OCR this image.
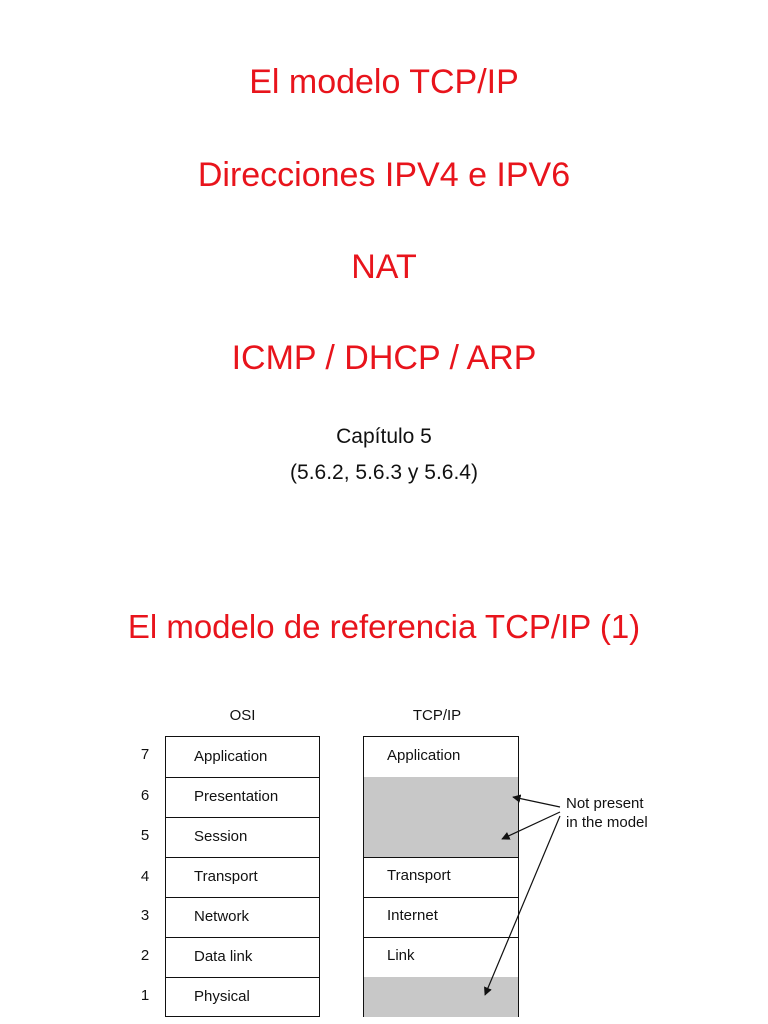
El modelo TCP/IP
Direcciones IPV4 e IPV6
NAT
ICMP / DHCP / ARP
Capítulo 5
(5.6.2, 5.6.3 y 5.6.4)
El modelo de referencia TCP/IP (1)
OSI	TCP/IP
7
6
5
4
3
2
1
Application
Presentation
Session
Transport
Network
Data link
Physical
Application
Transport
Internet
Link
Not present
in the model
